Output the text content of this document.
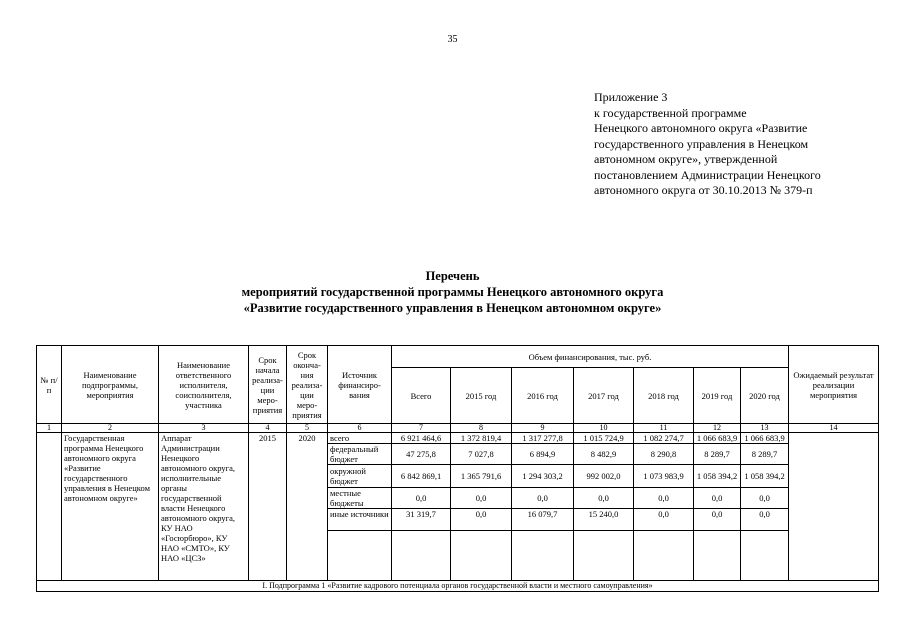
35
Приложение 3
к государственной программе
Ненецкого автономного округа «Развитие
государственного управления в Ненецком
автономном округе», утвержденной
постановлением Администрации Ненецкого
автономного округа от 30.10.2013 № 379-п
Перечень
мероприятий государственной программы Ненецкого автономного округа
«Развитие государственного управления в Ненецком автономном округе»
№ п/п	Наименование подпрограммы, мероприятия	Наименование ответственного исполнителя, соисполнителя, участника	Срок начала реализа-ции меро-приятия	Срок оконча-ния реализа-ции меро-приятия	Источник финансиро-вания	Объем финансирования, тыс. руб.							Ожидаемый результат реализации мероприятия
						Всего	2015 год	2016 год	2017 год	2018 год	2019 год	2020 год	
1	2	3	4	5	6	7	8	9	10	11	12	13	14
	Государственная программа Ненецкого автономного округа «Развитие государственного управления в Ненецком автономном округе»	Аппарат Администрации Ненецкого автономного округа, исполнительные органы государственной власти Ненецкого автономного округа, КУ НАО «Госюрбюро», КУ НАО «СМТО», КУ НАО «ЦСЗ»	2015	2020	всего	6 921 464,6	1 372 819,4	1 317 277,8	1 015 724,9	1 082 274,7	1 066 683,9	1 066 683,9	
					федеральный бюджет	47 275,8	7 027,8	6 894,9	8 482,9	8 290,8	8 289,7	8 289,7	
					окружной бюджет	6 842 869,1	1 365 791,6	1 294 303,2	992 002,0	1 073 983,9	1 058 394,2	1 058 394,2	
					местные бюджеты	0,0	0,0	0,0	0,0	0,0	0,0	0,0	
					иные источники	31 319,7	0,0	16 079,7	15 240,0	0,0	0,0	0,0	

I. Подпрограмма 1 «Развитие кадрового потенциала органов государственной власти и местного самоуправления»													
